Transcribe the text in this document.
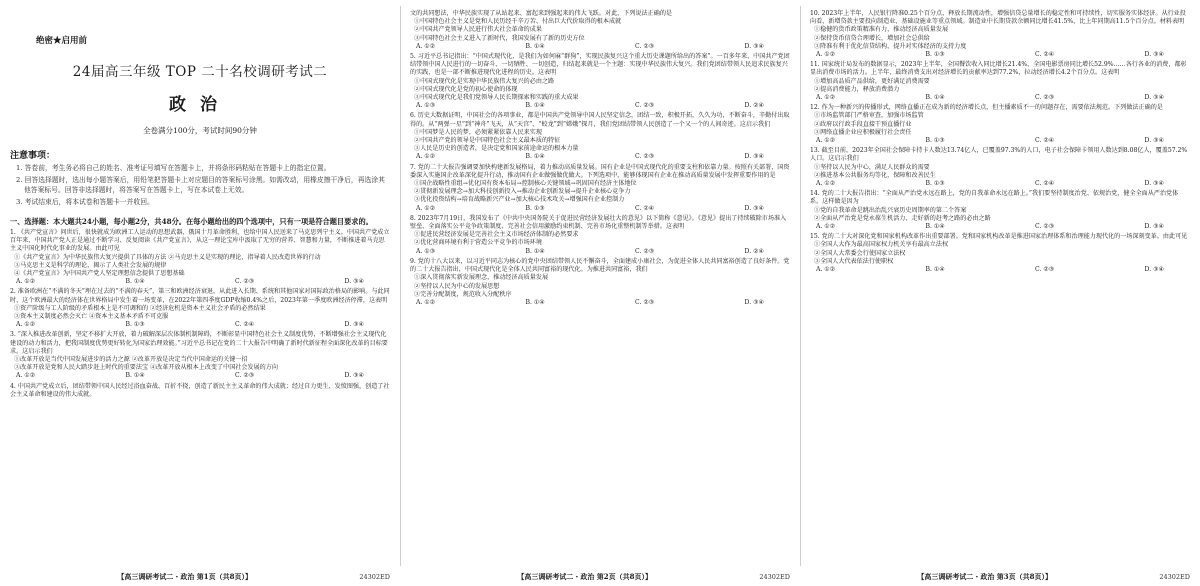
绝密★启用前
24届高三年级 TOP 二十名校调研考试二
政治
全卷满分100分，考试时间90分钟
注意事项：
1. 答卷前，考生务必将自己的姓名、准考证号填写在答题卡上，并将条形码粘贴在答题卡上的指定位置。
2. 回答选择题时，选出每小题答案后，用铅笔把答题卡上对应题目的答案标号涂黑。如需改动，用橡皮擦干净后，再选涂其他答案标号。回答非选择题时，将答案写在答题卡上，写在本试卷上无效。
3. 考试结束后，将本试卷和答题卡一并收回。
一、选择题：本大题共24小题，每小题2分，共48分。在每小题给出的四个选项中，只有一项是符合题目要求的。
1. 《共产党宣言》问世后，很快就成为欧洲工人运动的思想武器，俄国十月革命胜利，也给中国人民送来了马克思列宁主义。中国共产党成立百年来，中国共产党人正是通过不断学习、反复阅读《共产党宣言》，从这一理论宝库中汲取了无穷的营养、智慧和力量，不断推进着马克思主义中国化时代化事业的发展。由此可见
①《共产党宣言》为中华民族伟大复兴提供了具体的方法 ②马克思主义是实现的理论，指导着人民改造世界的行动
③马克思主义是科学的理论，揭示了人类社会发展的规律
④《共产党宣言》为中国共产党人坚定理想信念提供了思想基础
A. ①②	B. ①④	C. ②③	D. ③④
2. 准备欧洲在“不满的冬天”埋在过去的“不满的春天”，第三和欧洲经济衰退，从此进入长期、系统和其他国家对国际政治格局的影响。与此同时，这个欧洲最大的经济体在世界格局中发生着一场变革，在2022年第四季度GDP收缩0.4%之后，2023年第一季度欧洲经济停滞，这表明
①资产阶级与工人阶级的矛盾根本上是不可调和的 ②经济危机是资本主义社会矛盾的必然结果
③资本主义制度必然会灭亡 ④资本主义基本矛盾不可克服
A. ①②	B. ①③	C. ②④	D. ③④
3. “深入推进改革创新，坚定不移扩大开放，着力破解深层次体制机制障碍，不断彰显中国特色社会主义制度优势，不断增强社会主义现代化建设的动力和活力，把我国制度优势更好转化为国家治理效能。”习近平总书记在党的二十大报告中明确了新时代新征程全面深化改革的目标要求。这启示我们
①改革开放是当代中国发展进步的活力之源 ②改革开放是决定当代中国命运的关键一招
③改革开放是党和人民大踏步赶上时代的重要法宝 ④改革开放从根本上改变了中国社会发展的方向
A. ①②	B. ①④	C. ②③	D. ③④
4. 中国共产党成立后，团结带领中国人民经过浴血奋战、百折不挠，创造了新民主主义革命的伟大成就；经过自力更生、发愤图强，创造了社会主义革命和建设的伟大成就。
【高三调研考试二・政治 第1页（共8页）】	24302ED
文的共同想法，中华民族实现了从站起来、富起来到强起来的伟大飞跃。对此，下列说法正确的是
①中国特色社会主义是党和人民历经千辛万苦、付出巨大代价取得的根本成就
②中国共产党领导人民进行伟大社会革命的成果
③中国特色社会主义进入了新时代，我国发展有了新的历史方位
A. ①②	B. ①④	C. ②③	D. ③④
5. 习近平总书记指出：“中国式现代化，是我们为如何麻“群狗”，实现民族复兴这个重大历史课题所给出的答案”。一百多年来，中国共产党团结带领中国人民进行的一切奋斗、一切牺牲、一切创造，归结起来就是一个主题：实现中华民族伟大复兴。我们党团结带领人民追求民族复兴的实践，也是一部不断推进现代化进程的历史。这表明
①中国式现代化是实现中华民族伟大复兴的必由之路
②中国式现代化是党的初心使命的体现
③中国式现代化是我们党领导人民长期探索和实践的重大成果
A. ①③	B. ①④	C. ②③	D. ②④
6. 历史大数据证明，中国社会的各项事业，都是中国共产党领导中国人民坚定信念，团结一致，积极开拓，久久为功，不断奋斗，辛勤付出取得的。从“两弹一星”到“神舟”飞天，从“天宫”、“蛟龙”到“嫦娥”探月，我们党团结带领人民创造了一个又一个的人间奇迹。这启示我们
①中国梦是人民的梦，必须紧紧依靠人民来实现
②中国共产党的领导是中国特色社会主义最本质的特征
③人民是历史的创造者，是决定党和国家前途命运的根本力量
A. ①②	B. ①④	C. ②③	D. ③④
7. 党的二十大报告强调要加快构建新发展格局，着力推动高质量发展。国有企业是中国式现代化的重要支柱和依靠力量。按照有关部署，国资委深入实施国企改革深化提升行动，推动国有企业做强做优做大。下列选项中，能够体现国有企业在推动高质量发展中发挥重要作用的是
①国企战略性重组→优化国有资本布局→控制核心关键领域→巩固国有经济主体地位
②贯彻新发展理念→加大科技创新投入→推动企业创新发展→提升企业核心竞争力
③优化投资结构→培育战略新兴产业→加大核心技术攻关→增强国有企业控制力
A. ①②	B. ①③	C. ②④	D. ③④
8. 2023年7月19日，我国发布了《中共中央国务院关于促进民营经济发展壮大的意见》以下简称《意见》。《意见》提出了持续破除市场准入壁垒、全面落实公平竞争政策制度、完善社会信用激励约束机制、完善市场化重整机制等举措。这表明
①促进民营经济发展是完善社会主义市场经济体制的必然要求
②优化营商环境有利于营造公平竞争的市场环境
A. ①③	B. ①④	C. ②③	D. ②④
9. 党的十八大以来，以习近平同志为核心的党中央团结带领人民不懈奋斗，全面建成小康社会，为促进全体人民共同富裕创造了良好条件。党的二十大报告指出，中国式现代化是全体人民共同富裕的现代化。为推进共同富裕，我们
①深入贯彻落实新发展理念，推动经济高质量发展
②坚持以人民为中心的发展思想
③完善分配制度，规范收入分配秩序
A. ①②	B. ①④	C. ②③	D. ③④
【高三调研考试二・政治 第2页（共8页）】	24302ED
10. 2023年上半年，人民银行降准0.25个百分点，释放长期流动性，增强信贷总量增长的稳定性和可持续性，切实服务实体经济。从行业投向看，新增贷款主要投向制造业、基础设施业等重点领域。制造业中长期贷款余额同比增长41.5%，比上年同期高11.5个百分点。材料表明
①稳健的货币政策精准有力，推动经济高质量发展
②保持货币信贷合理增长，增加社会总供给
③降准有利于优化信贷结构，提升对实体经济的支持力度
A. ①②	B. ①③	C. ②④	D. ③④
11. 国家统计局发布的数据显示，2023年上半年，全国餐饮收入同比增长21.4%，全国电影票房同比增长52.9%……各行各业的消费，都彰显出消费市场的活力。上半年，最终消费支出对经济增长的贡献率达到77.2%，拉动经济增长4.2个百分点。这表明
①增加高品质产品供给，更好满足消费需要
②提高消费能力，释放消费潜力
A. ①②	B. ①④	C. ②③	D. ③④
12. 作为一种新兴的传播形式，网络直播正在成为新的经济增长点，但主播素质不一的问题存在，需要依法规范。下列做法正确的是
①市场监管部门严格审查，加强市场监管
②政府以行政手段直接干预直播行业
③网络直播企业应积极履行社会责任
A. ①②	B. ①③	C. ②④	D. ③④
13. 截至目前，2023年全国社会保障卡持卡人数达13.74亿人，已覆盖97.3%的人口，电子社会保障卡领用人数达到8.08亿人，覆盖57.2%人口。这启示我们
①坚持以人民为中心，满足人民群众的需要
②推进基本公共服务均等化，保障和改善民生
A. ①②	B. ①③	C. ②④	D. ③④
14. 党的二十大报告指出：“全面从严治党永远在路上，党的自我革命永远在路上。”我们要坚持制度治党、依规治党，健全全面从严治党体系。这样做是因为
①党的自我革命是跳出治乱兴衰历史周期率的第二个答案
②全面从严治党是党永葆生机活力、走好新的赶考之路的必由之路
A. ①②	B. ①④	C. ②③	D. ③④
15. 党的二十大对深化党和国家机构改革作出重要部署。党和国家机构改革是推进国家治理体系和治理能力现代化的一场深刻变革。由此可见
①全国人大作为最高国家权力机关享有最高立法权
②全国人大常委会行使国家立法权
③全国人大代表依法行使职权
A. ①②	B. ①④	C. ②③	D. ③④
【高三调研考试二・政治 第3页（共8页）】	24302ED
